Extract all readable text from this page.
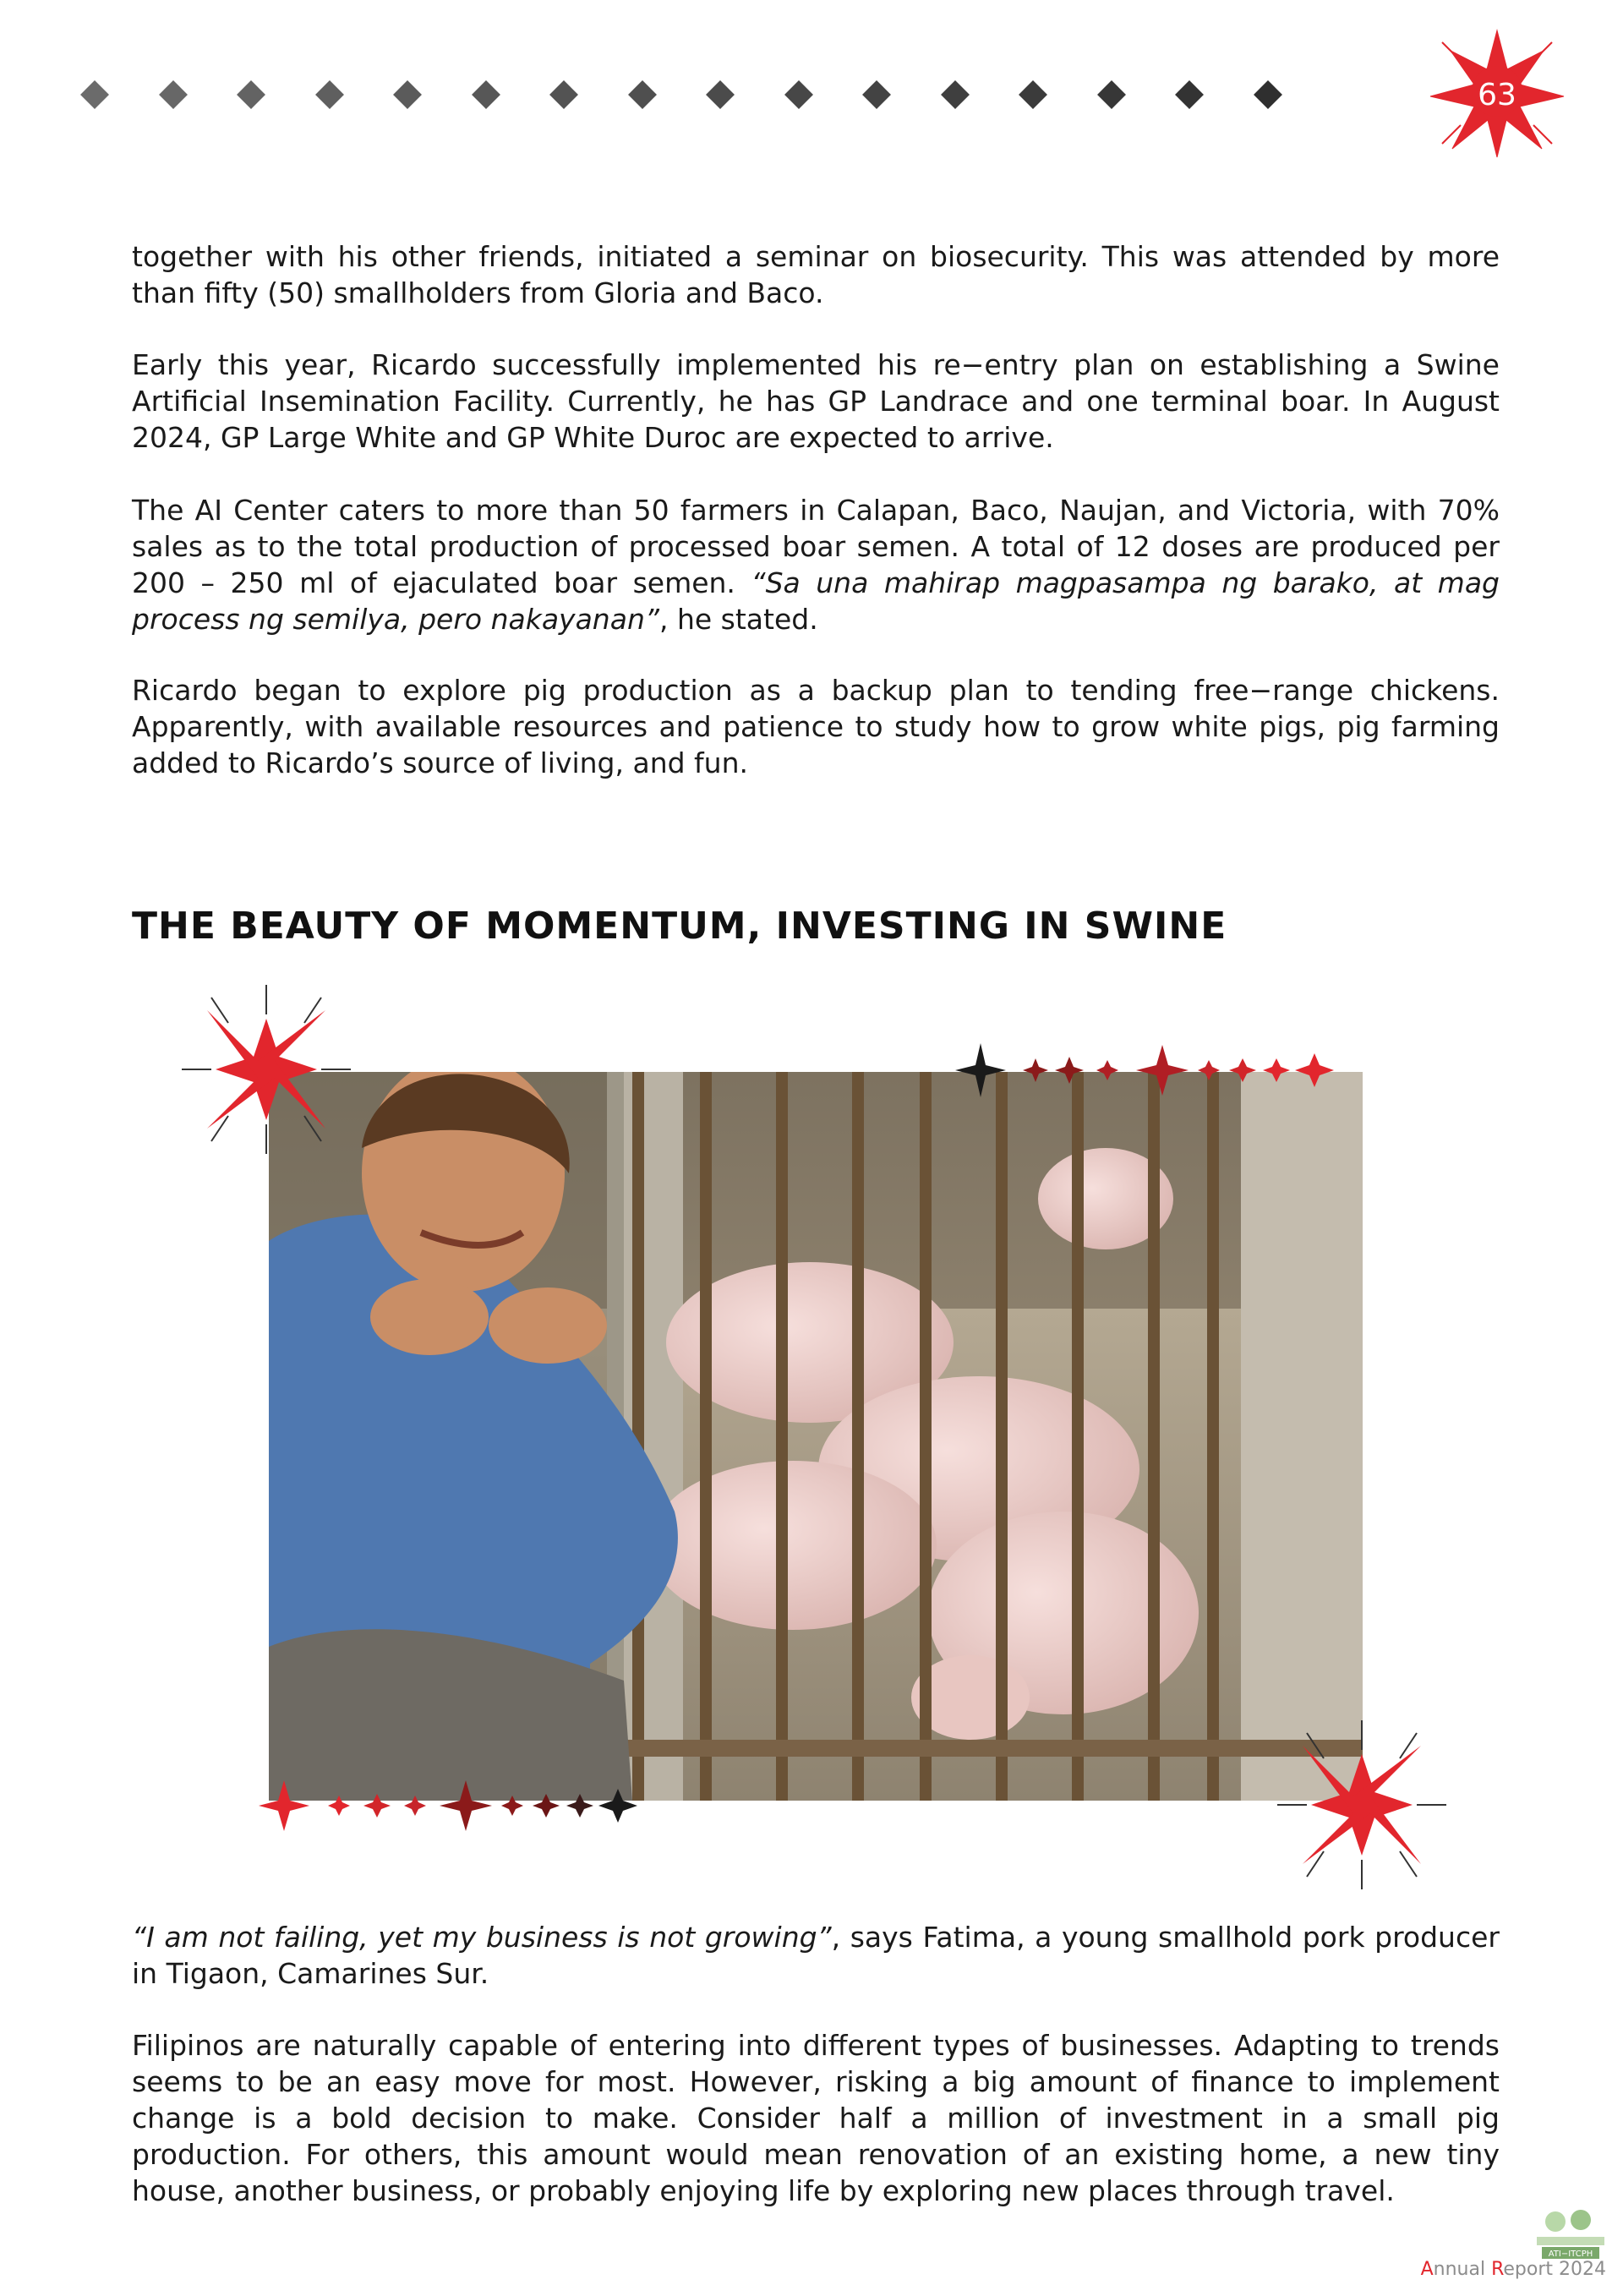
63

together with his other friends, initiated a seminar on biosecurity. This was attended by more than fifty (50) smallholders from Gloria and Baco.

Early this year, Ricardo successfully implemented his re−entry plan on establishing a Swine Artificial Insemination Facility. Currently, he has GP Landrace and one terminal boar. In August 2024, GP Large White and GP White Duroc are expected to arrive.

The AI Center caters to more than 50 farmers in Calapan, Baco, Naujan, and Victoria, with 70% sales as to the total production of processed boar semen. A total of 12 doses are produced per 200 – 250 ml of ejaculated boar semen. “Sa una mahirap magpasampa ng barako, at mag process ng semilya, pero nakayanan”, he stated.

Ricardo began to explore pig production as a backup plan to tending free−range chickens. Apparently, with available resources and patience to study how to grow white pigs, pig farming added to Ricardo’s source of living, and fun.

THE BEAUTY OF MOMENTUM, INVESTING IN SWINE

“I am not failing, yet my business is not growing”, says Fatima, a young smallhold pork producer in Tigaon, Camarines Sur.

Filipinos are naturally capable of entering into different types of businesses. Adapting to trends seems to be an easy move for most. However, risking a big amount of finance to implement change is a bold decision to make. Consider half a million of investment in a small pig production. For others, this amount would mean renovation of an existing home, a new tiny house, another business, or probably enjoying life by exploring new places through travel.

ATI−ITCPH
Annual Report 2024
